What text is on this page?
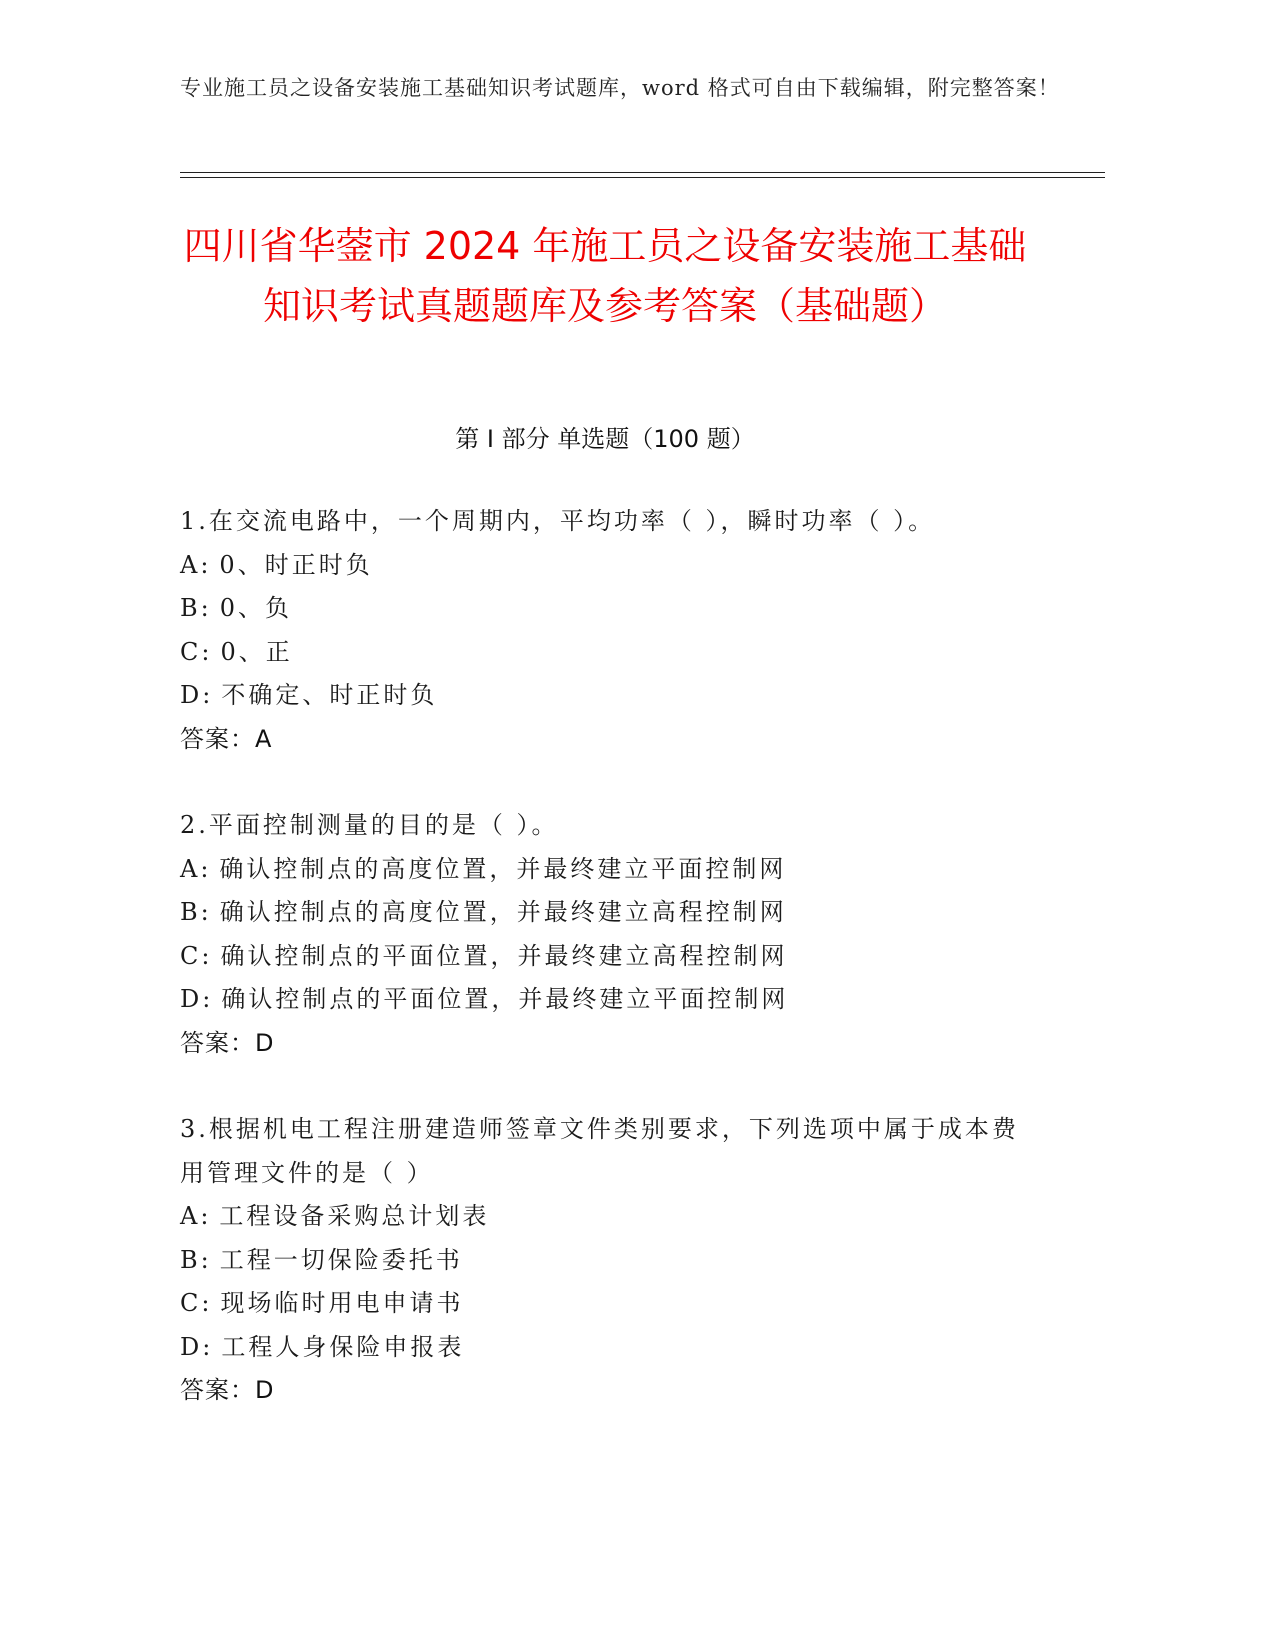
专业施工员之设备安装施工基础知识考试题库，word 格式可自由下载编辑，附完整答案！
四川省华蓥市 2024 年施工员之设备安装施工基础知识考试真题题库及参考答案（基础题）
第 I 部分 单选题（100 题）
1.在交流电路中，一个周期内，平均功率（ ），瞬时功率（ ）。
A: 0、时正时负
B: 0、负
C: 0、正
D: 不确定、时正时负
答案：A
2.平面控制测量的目的是（ ）。
A: 确认控制点的高度位置，并最终建立平面控制网
B: 确认控制点的高度位置，并最终建立高程控制网
C: 确认控制点的平面位置，并最终建立高程控制网
D: 确认控制点的平面位置，并最终建立平面控制网
答案：D
3.根据机电工程注册建造师签章文件类别要求，下列选项中属于成本费用管理文件的是（ ）
A: 工程设备采购总计划表
B: 工程一切保险委托书
C: 现场临时用电申请书
D: 工程人身保险申报表
答案：D
